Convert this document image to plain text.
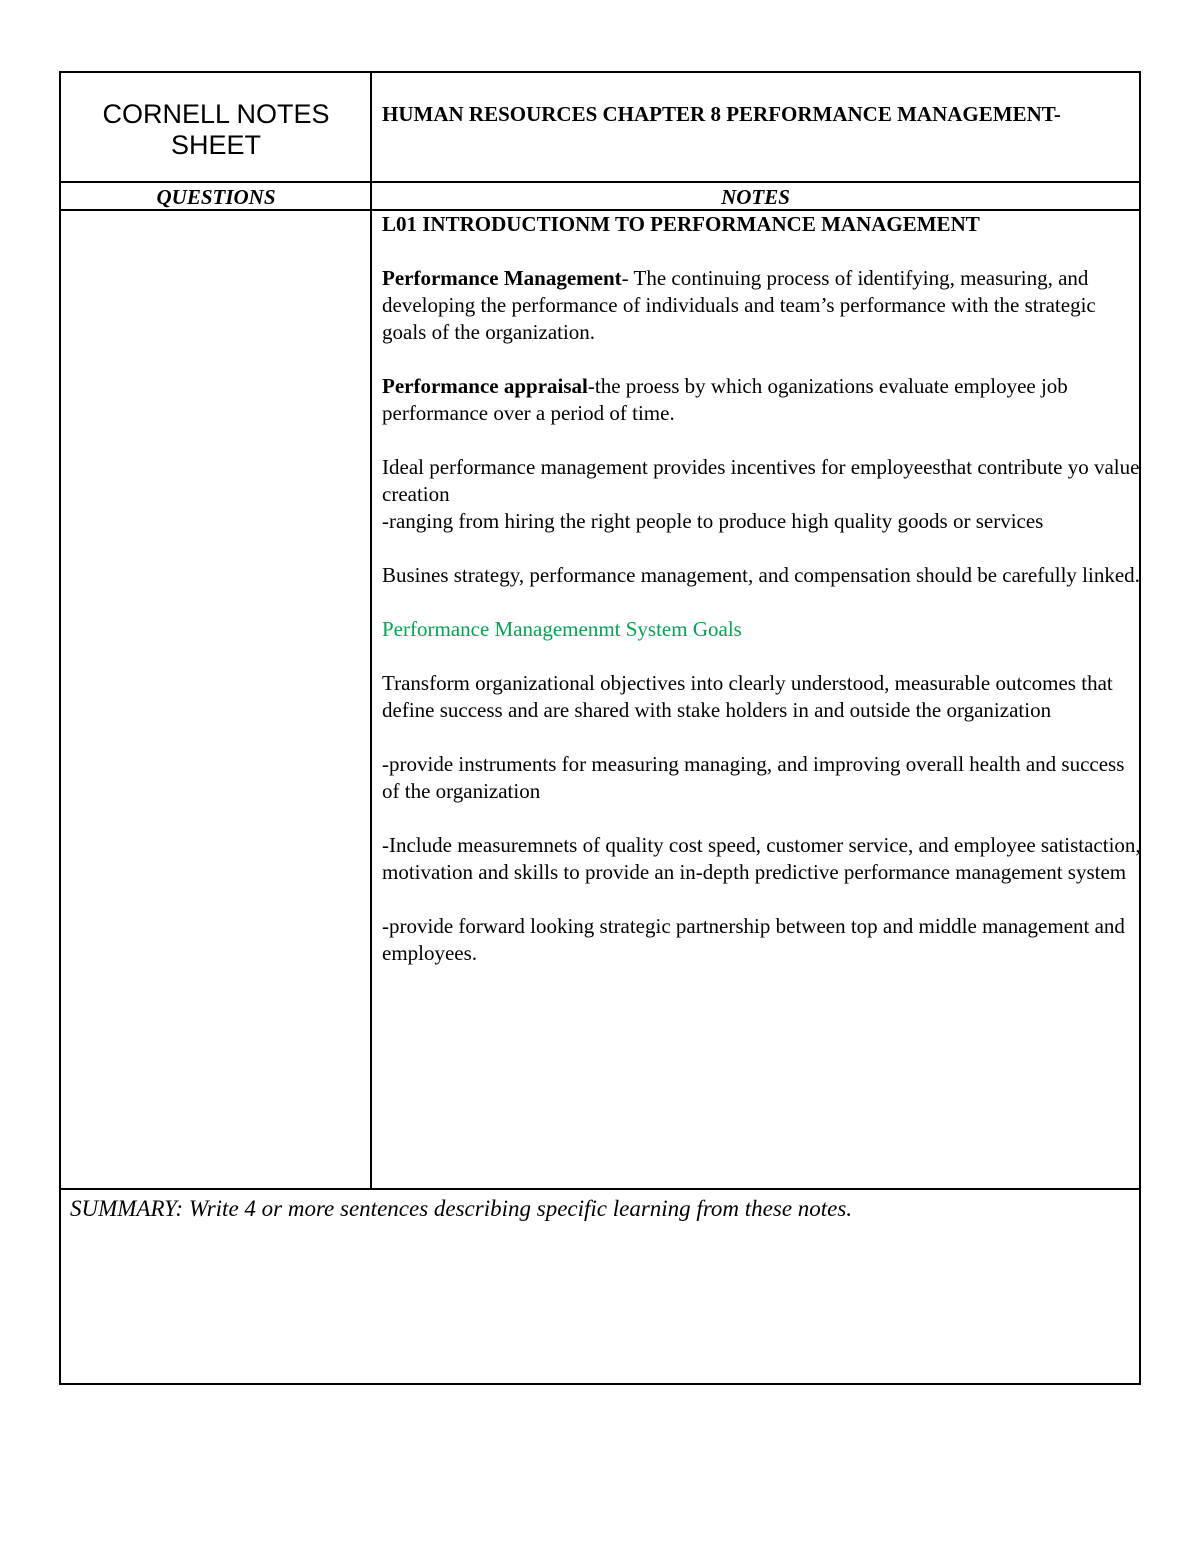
CORNELL NOTES SHEET
HUMAN RESOURCES CHAPTER 8 PERFORMANCE MANAGEMENT-
QUESTIONS	NOTES

L01 INTRODUCTIONM TO PERFORMANCE MANAGEMENT

Performance Management- The continuing process of identifying, measuring, and developing the performance of individuals and team’s performance with the strategic goals of the organization.

Performance appraisal-the proess by which oganizations evaluate employee job performance over a period of time.

Ideal performance management provides incentives for employeesthat contribute yo value creation
-ranging from hiring the right people to produce high quality goods or services

Busines strategy, performance management, and compensation should be carefully linked.

Performance Managemenmt System Goals

Transform organizational objectives into clearly understood, measurable outcomes that define success and are shared with stake holders in and outside the organization

-provide instruments for measuring managing, and improving overall health and success of the organization

-Include measuremnets of quality cost speed, customer service, and employee satistaction, motivation and skills to provide an in-depth predictive performance management system

-provide forward looking strategic partnership between top and middle management and employees.

SUMMARY: Write 4 or more sentences describing specific learning from these notes.
